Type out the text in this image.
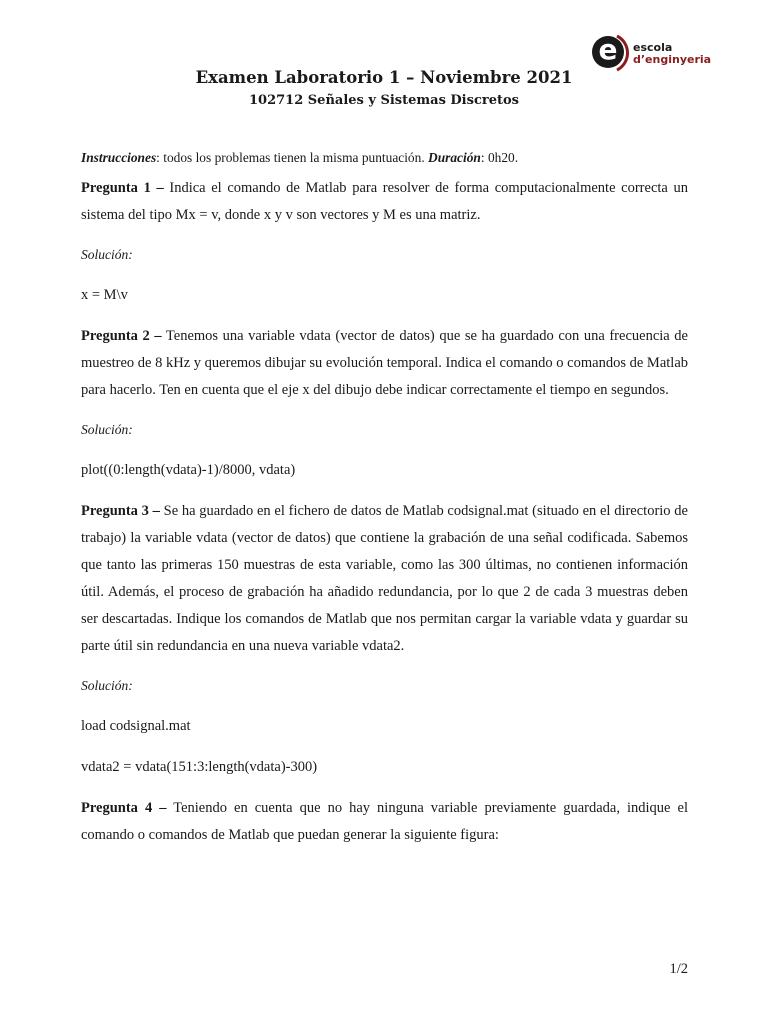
e	escola
d’enginyeria
Examen Laboratorio 1 – Noviembre 2021
102712 Señales y Sistemas Discretos

Instrucciones: todos los problemas tienen la misma puntuación. Duración: 0h20.

Pregunta 1 – Indica el comando de Matlab para resolver de forma computacionalmente correcta un sistema del tipo Mx = v, donde x y v son vectores y M es una matriz.

Solución:

x = M\v

Pregunta 2 – Tenemos una variable vdata (vector de datos) que se ha guardado con una frecuencia de muestreo de 8 kHz y queremos dibujar su evolución temporal. Indica el comando o comandos de Matlab para hacerlo. Ten en cuenta que el eje x del dibujo debe indicar correctamente el tiempo en segundos.

Solución:

plot((0:length(vdata)-1)/8000, vdata)

Pregunta 3 – Se ha guardado en el fichero de datos de Matlab codsignal.mat (situado en el directorio de trabajo) la variable vdata (vector de datos) que contiene la grabación de una señal codificada. Sabemos que tanto las primeras 150 muestras de esta variable, como las 300 últimas, no contienen información útil. Además, el proceso de grabación ha añadido redundancia, por lo que 2 de cada 3 muestras deben ser descartadas. Indique los comandos de Matlab que nos permitan cargar la variable vdata y guardar su parte útil sin redundancia en una nueva variable vdata2.

Solución:

load codsignal.mat

vdata2 = vdata(151:3:length(vdata)-300)

Pregunta 4 – Teniendo en cuenta que no hay ninguna variable previamente guardada, indique el comando o comandos de Matlab que puedan generar la siguiente figura:

1/2
